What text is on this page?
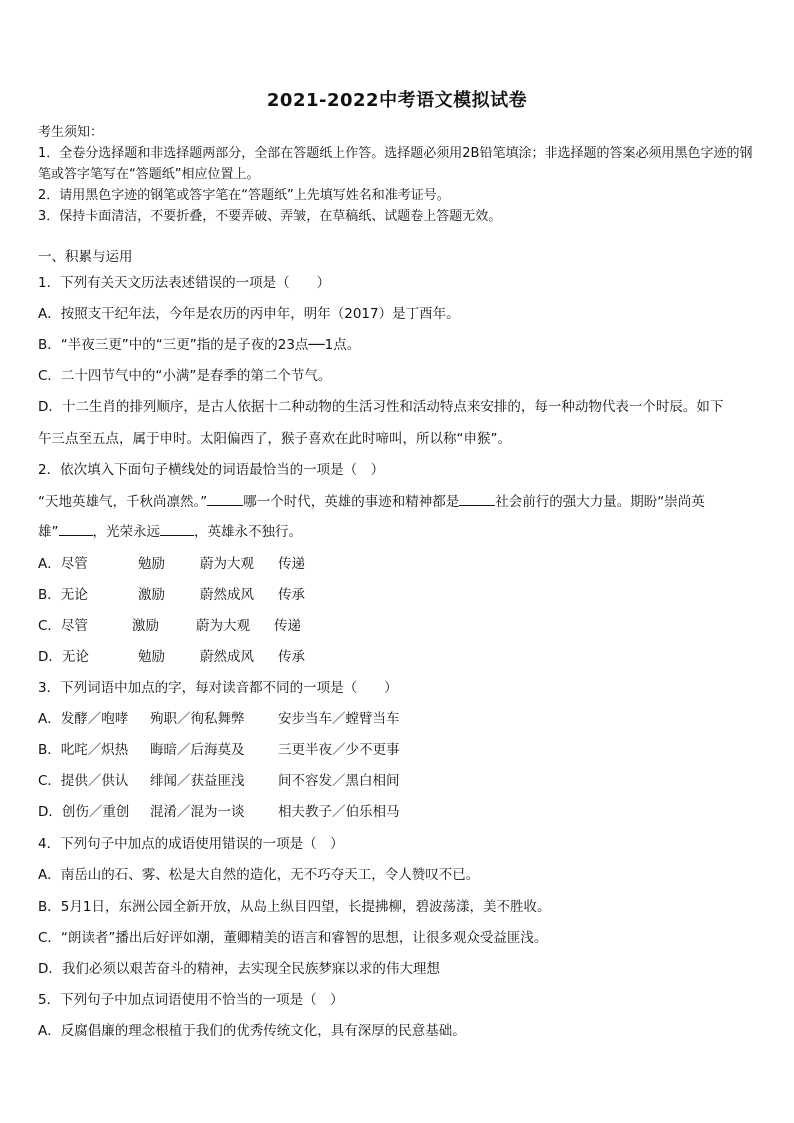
2021-2022中考语文模拟试卷
考生须知：
1．全卷分选择题和非选择题两部分，全部在答题纸上作答。选择题必须用2B铅笔填涂；非选择题的答案必须用黑色字迹的钢笔或答字笔写在“答题纸”相应位置上。
2．请用黑色字迹的钢笔或答字笔在“答题纸”上先填写姓名和准考证号。
3．保持卡面清洁，不要折叠，不要弄破、弄皱，在草稿纸、试题卷上答题无效。
一、积累与运用
1．下列有关天文历法表述错误的一项是（　　）
A．按照支干纪年法，今年是农历的丙申年，明年（2017）是丁酉年。
B．“半夜三更”中的“三更”指的是子夜的23点──1点。
C．二十四节气中的“小满”是春季的第二个节气。
D．十二生肖的排列顺序，是古人依据十二种动物的生活习性和活动特点来安排的，每一种动物代表一个时辰。如下
午三点至五点，属于申时。太阳偏西了，猴子喜欢在此时啼叫，所以称“申猴”。
2．依次填入下面句子横线处的词语最恰当的一项是（　）
“天地英雄气，千秋尚凛然。”	哪一个时代，英雄的事迹和精神都是	社会前行的强大力量。期盼“崇尚英
雄”	，光荣永远	，英雄永不独行。
A．尽管	勉励	蔚为大观 传递
B．无论	激励	蔚然成风 传承
C．尽管	激励	蔚为大观 传递
D．无论	勉励	蔚然成风 传承
3．下列词语中加点的字，每对读音都不同的一项是（　　）
A．发酵／咆哮 殉职／徇私舞弊 安步当车／螳臂当车
B．叱咤／炽热 晦暗／后海莫及 三更半夜／少不更事
C．提供／供认 绯闻／获益匪浅 间不容发／黑白相间
D．创伤／重创 混淆／混为一谈 相夫教子／伯乐相马
4．下列句子中加点的成语使用错误的一项是（　）
A．南岳山的石、雾、松是大自然的造化，无不巧夺天工，令人赞叹不已。
B．5月1日，东洲公园全新开放，从岛上纵目四望，长提拂柳，碧波荡漾，美不胜收。
C．“朗读者”播出后好评如潮，董卿精美的语言和睿智的思想，让很多观众受益匪浅。
D．我们必须以艰苦奋斗的精神，去实现全民族梦寐以求的伟大理想
5．下列句子中加点词语使用不恰当的一项是（　）
A．反腐倡廉的理念根植于我们的优秀传统文化，具有深厚的民意基础。
